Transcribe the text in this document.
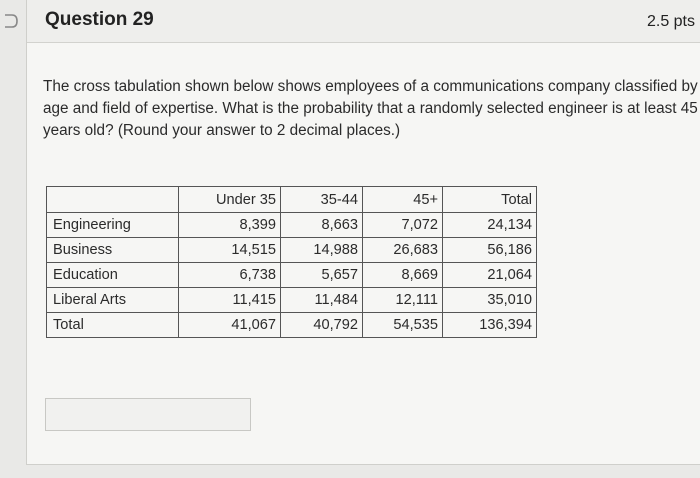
Question 29	2.5 pts
The cross tabulation shown below shows employees of a communications company classified by age and field of expertise. What is the probability that a randomly selected engineer is at least 45 years old? (Round your answer to 2 decimal places.)
	Under 35	35-44	45+	Total
Engineering	8,399	8,663	7,072	24,134
Business	14,515	14,988	26,683	56,186
Education	6,738	5,657	8,669	21,064
Liberal Arts	11,415	11,484	12,111	35,010
Total	41,067	40,792	54,535	136,394
